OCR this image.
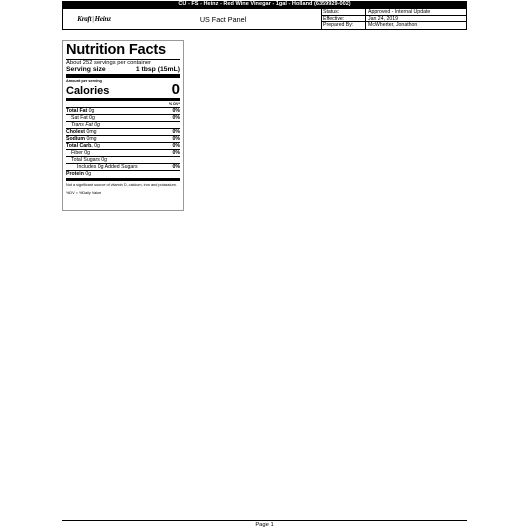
CU - FS - Heinz - Red Wine Vinegar - 1gal - Holland (6359929-002)
Kraft | Heinz	US Fact Panel
Status:	Approved - Internal Update
Effective:	Jan 24, 2019
Prepared By:	McWherter, Jonathon
Nutrition Facts
About 252 servings per container
Serving size	1 tbsp (15mL)
Amount per serving
Calories	0
% DV*
Total Fat 0g	0%
Sat Fat 0g	0%
Trans Fat 0g
Cholest 0mg	0%
Sodium 0mg	0%
Total Carb. 0g	0%
Fiber 0g	0%
Total Sugars 0g
Includes 0g Added Sugars	0%
Protein 0g
Not a significant source of vitamin D, calcium, iron and potassium.
%DV = %Daily Value
Page 1
